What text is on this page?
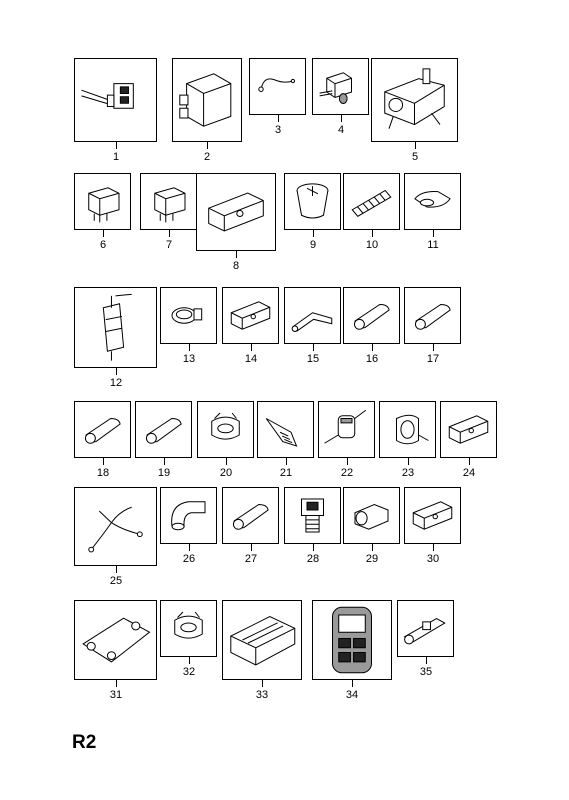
1	2
3	4
5
6	7
8
9	10	11
12
13	14	15	16	17
18	19	20	21	22	23	24
25
26	27	28	29	30
31
32
33	34
35
R2
